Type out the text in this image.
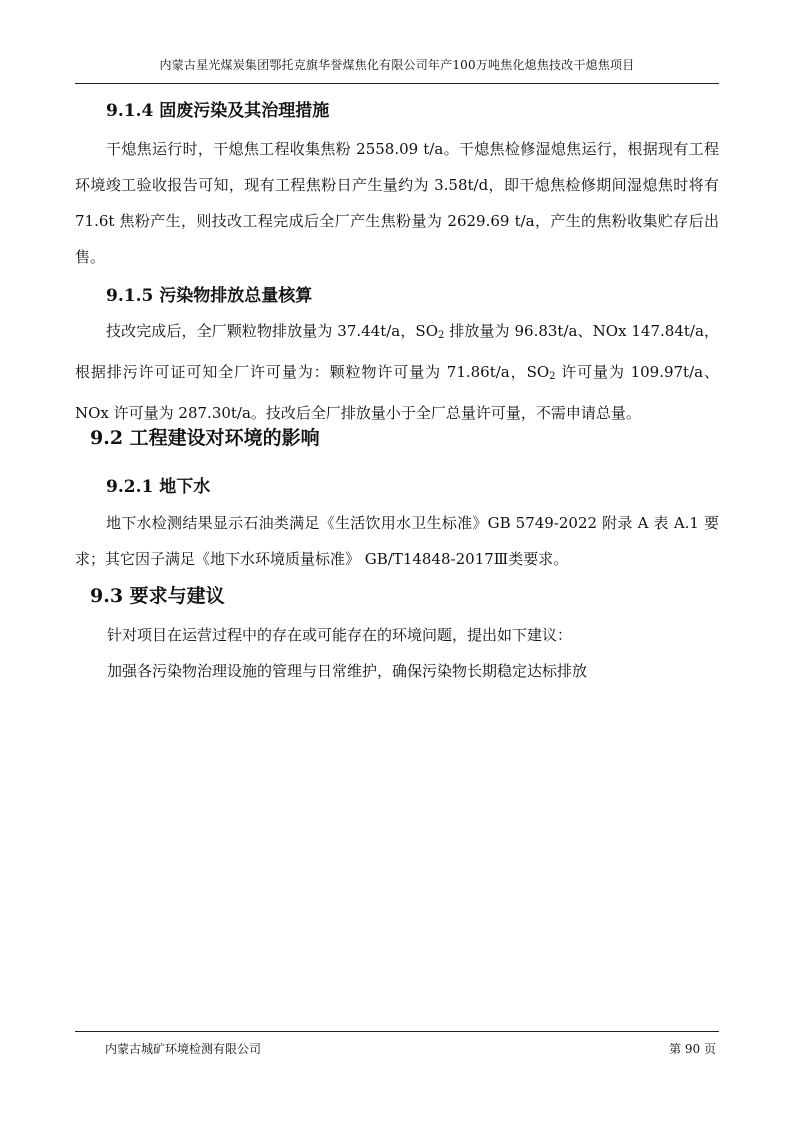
内蒙古星光煤炭集团鄂托克旗华誉煤焦化有限公司年产100万吨焦化熄焦技改干熄焦项目
9.1.4 固废污染及其治理措施

干熄焦运行时，干熄焦工程收集焦粉 2558.09 t/a。干熄焦检修湿熄焦运行，根据现有工程环境竣工验收报告可知，现有工程焦粉日产生量约为 3.58t/d，即干熄焦检修期间湿熄焦时将有 71.6t 焦粉产生，则技改工程完成后全厂产生焦粉量为 2629.69 t/a，产生的焦粉收集贮存后出售。

9.1.5 污染物排放总量核算

技改完成后，全厂颗粒物排放量为 37.44t/a，$SO_2$ 排放量为 96.83t/a、NOx 147.84t/a，根据排污许可证可知全厂许可量为：颗粒物许可量为 71.86t/a，$SO_2$ 许可量为 109.97t/a、NOx 许可量为 287.30t/a。技改后全厂排放量小于全厂总量许可量，不需申请总量。

9.2 工程建设对环境的影响
9.2.1 地下水

地下水检测结果显示石油类满足《生活饮用水卫生标准》GB 5749-2022 附录 A 表 A.1 要求；其它因子满足《地下水环境质量标准》 GB/T14848-2017Ⅲ类要求。

9.3 要求与建议
针对项目在运营过程中的存在或可能存在的环境问题，提出如下建议：
加强各污染物治理设施的管理与日常维护，确保污染物长期稳定达标排放
内蒙古城矿环境检测有限公司	第 90 页
